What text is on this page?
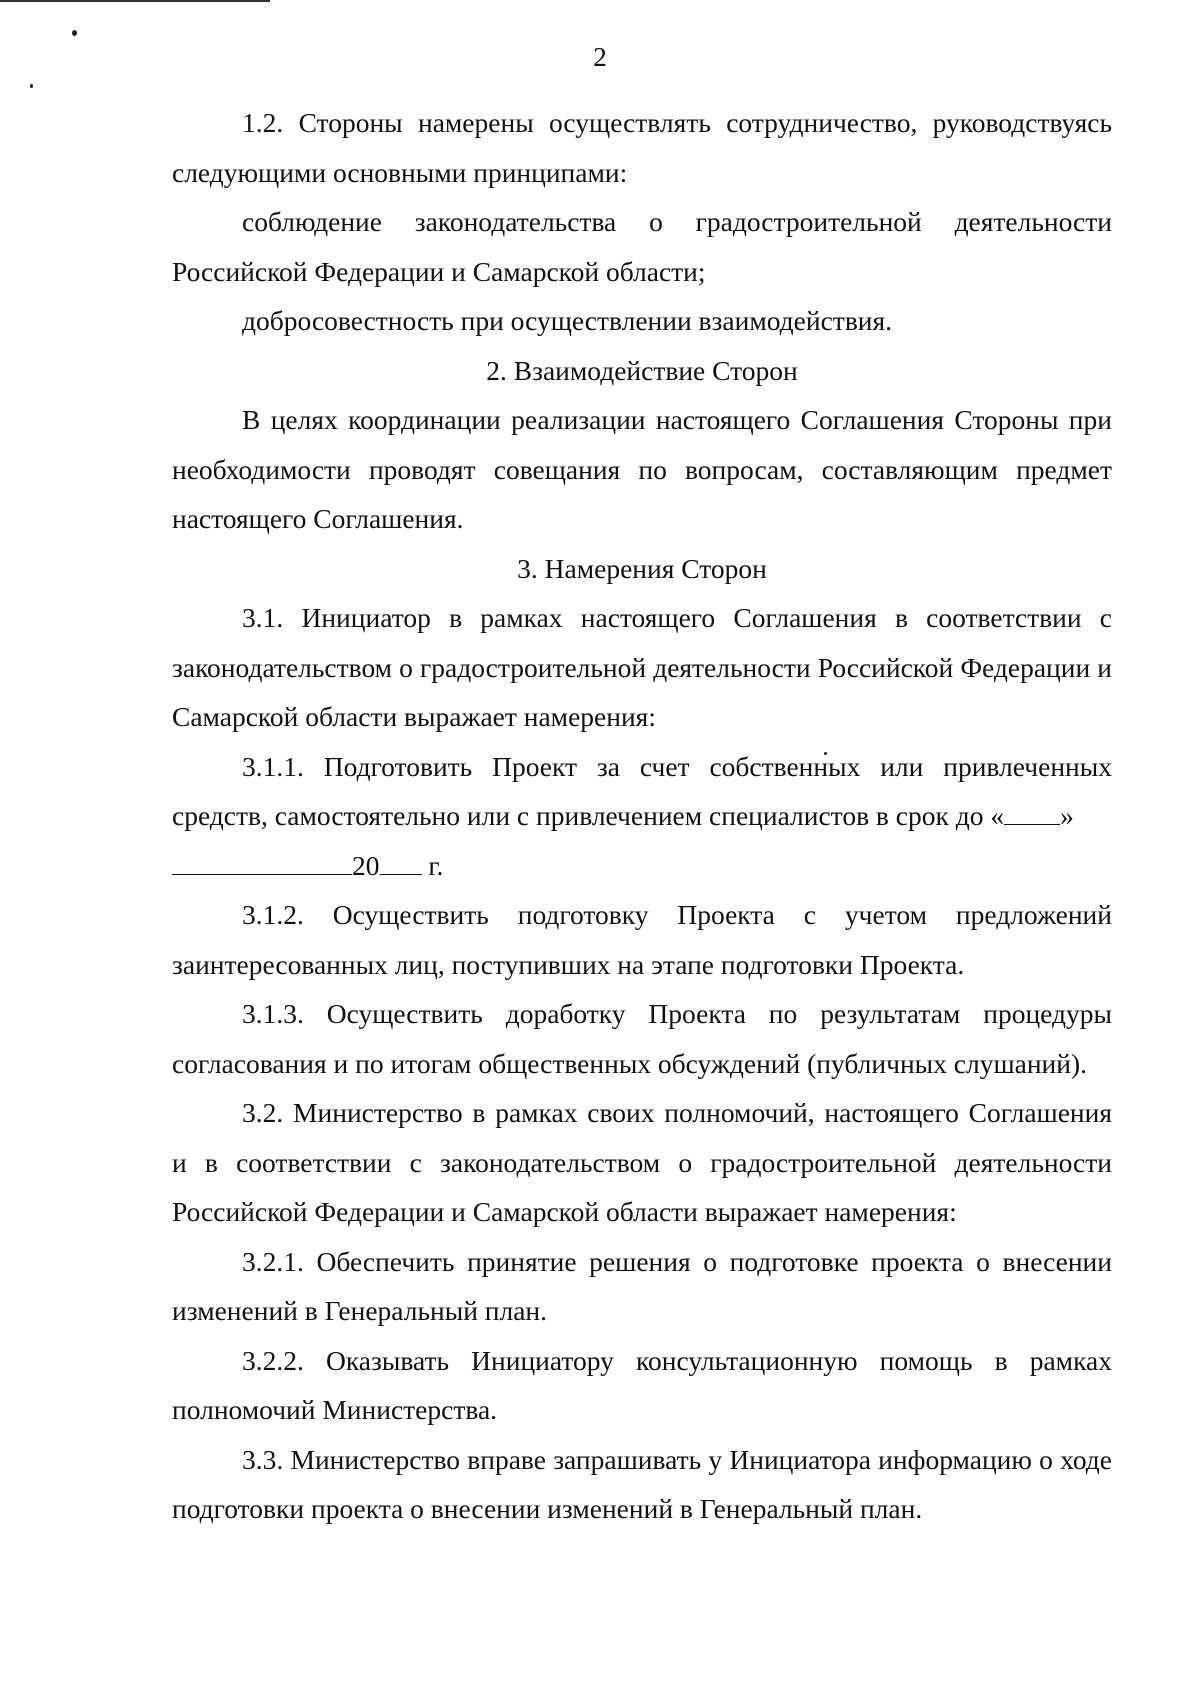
2

1.2. Стороны намерены осуществлять сотрудничество, руководствуясь следующими основными принципами:

соблюдение законодательства о градостроительной деятельности Российской Федерации и Самарской области;

добросовестность при осуществлении взаимодействия.

2. Взаимодействие Сторон

В целях координации реализации настоящего Соглашения Стороны при необходимости проводят совещания по вопросам, составляющим предмет настоящего Соглашения.

3. Намерения Сторон

3.1. Инициатор в рамках настоящего Соглашения в соответствии с законодательством о градостроительной деятельности Российской Федерации и Самарской области выражает намерения:

3.1.1. Подготовить Проект за счет собственных или привлеченных средств, самостоятельно или с привлечением специалистов в срок до « »
20 г.

3.1.2. Осуществить подготовку Проекта с учетом предложений заинтересованных лиц, поступивших на этапе подготовки Проекта.

3.1.3. Осуществить доработку Проекта по результатам процедуры согласования и по итогам общественных обсуждений (публичных слушаний).

3.2. Министерство в рамках своих полномочий, настоящего Соглашения и в соответствии с законодательством о градостроительной деятельности Российской Федерации и Самарской области выражает намерения:

3.2.1. Обеспечить принятие решения о подготовке проекта о внесении изменений в Генеральный план.

3.2.2. Оказывать Инициатору консультационную помощь в рамках полномочий Министерства.

3.3. Министерство вправе запрашивать у Инициатора информацию о ходе подготовки проекта о внесении изменений в Генеральный план.
